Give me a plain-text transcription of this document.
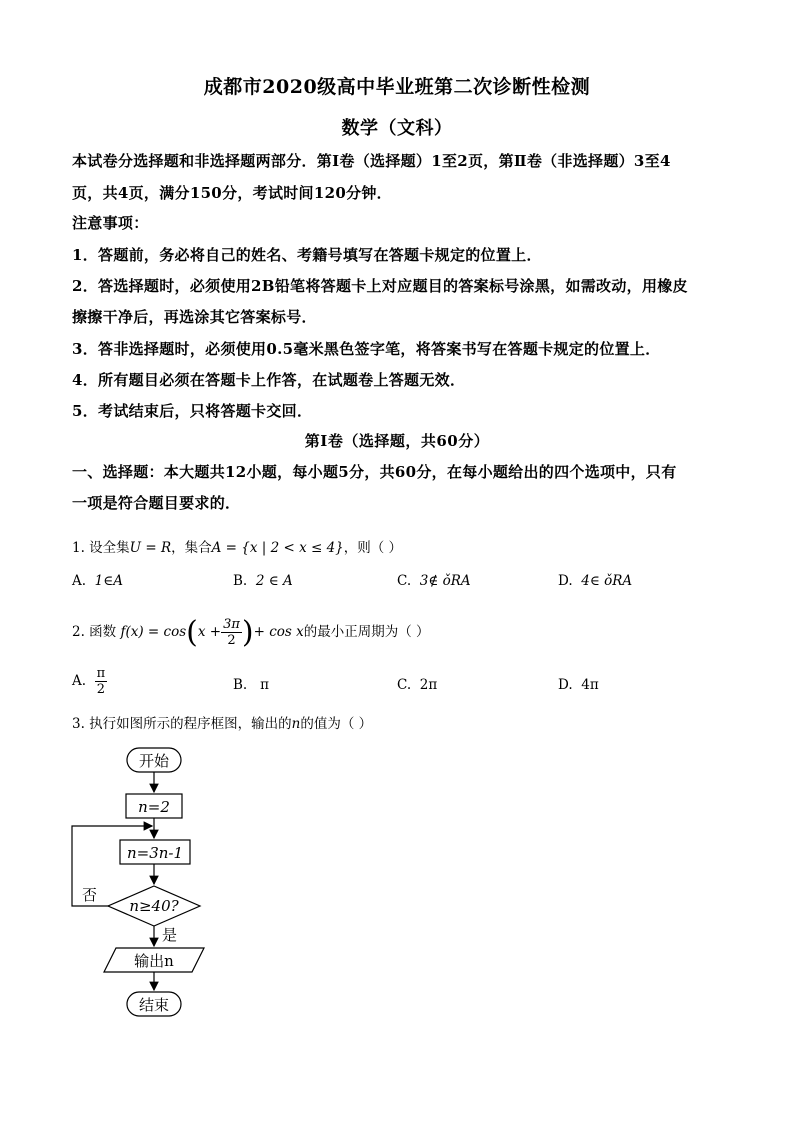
成都市2020级高中毕业班第二次诊断性检测
数学（文科）
本试卷分选择题和非选择题两部分．第Ⅰ卷（选择题）1至2页，第Ⅱ卷（非选择题）3至4
页，共4页，满分150分，考试时间120分钟．
注意事项：
1．答题前，务必将自己的姓名、考籍号填写在答题卡规定的位置上．
2．答选择题时，必须使用2B铅笔将答题卡上对应题目的答案标号涂黑，如需改动，用橡皮
擦擦干净后，再选涂其它答案标号．
3．答非选择题时，必须使用0.5毫米黑色签字笔，将答案书写在答题卡规定的位置上．
4．所有题目必须在答题卡上作答，在试题卷上答题无效．
5．考试结束后，只将答题卡交回．
第Ⅰ卷（选择题，共60分）
一、选择题：本大题共12小题，每小题5分，共60分，在每小题给出的四个选项中，只有
一项是符合题目要求的．
1. 设全集U = R，集合A = {x | 2 < x ≤ 4}，则（ ）
A. 1∈A	B. 2 ∈ A	C. 3∉ ǒRA	D. 4∈ ǒRA
2. 函数 $f(x) = \cos(x + \frac{3\pi}{2}$ )+ cos x的最小正周期为（ ）
A. $\frac{\pi}{2}$	B. π	C. 2π	D. 4π
3. 执行如图所示的程序框图，输出的n的值为（ ）
开始
n=2
n=3n-1
n≥40?
否
是
输出n
结束
